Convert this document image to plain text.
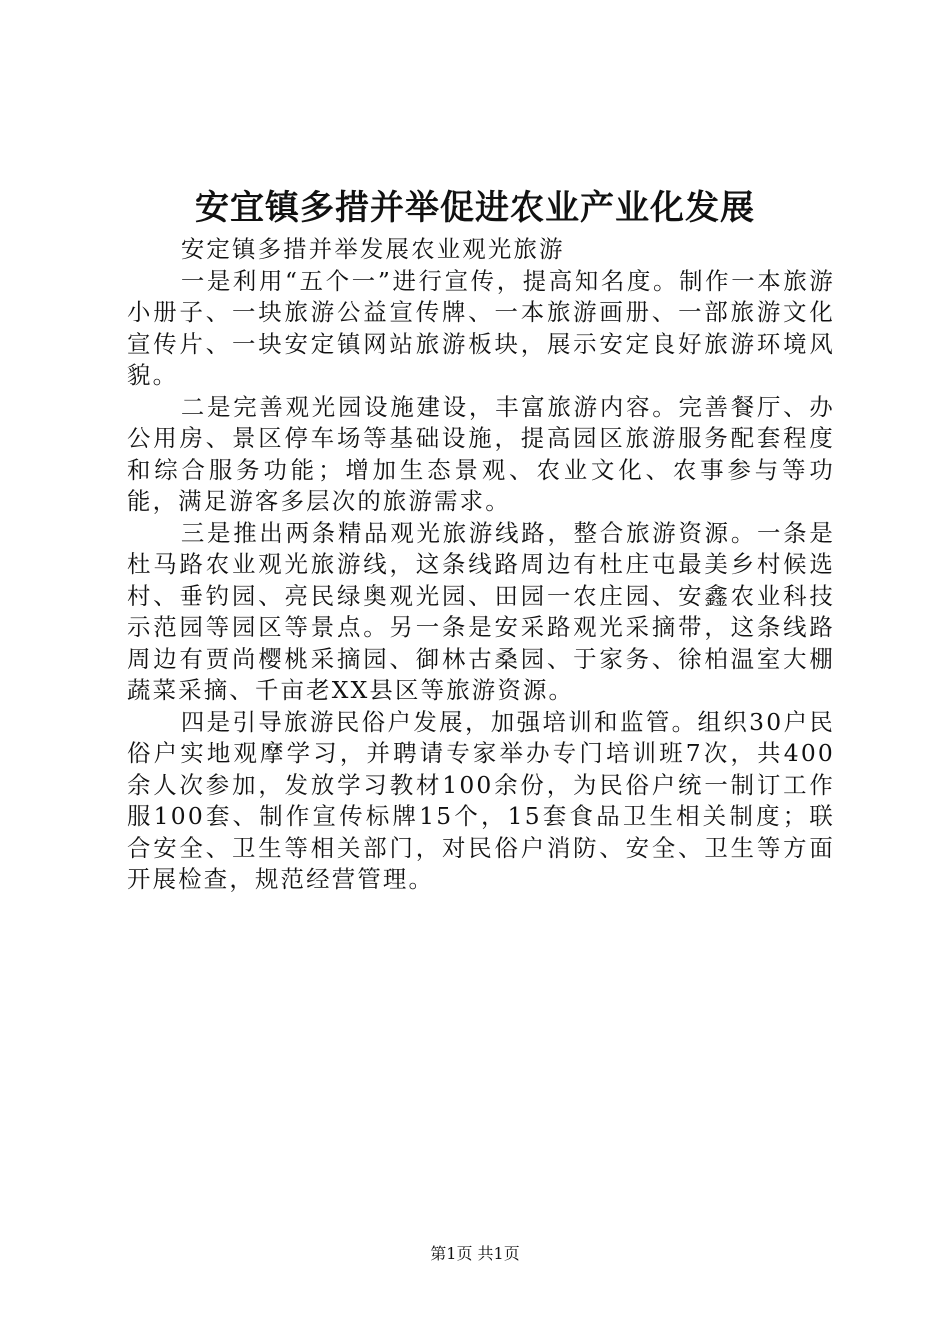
安宜镇多措并举促进农业产业化发展

安定镇多措并举发展农业观光旅游

一是利用“五个一”进行宣传，提高知名度。制作一本旅游小册子、一块旅游公益宣传牌、一本旅游画册、一部旅游文化宣传片、一块安定镇网站旅游板块，展示安定良好旅游环境风貌。

二是完善观光园设施建设，丰富旅游内容。完善餐厅、办公用房、景区停车场等基础设施，提高园区旅游服务配套程度和综合服务功能；增加生态景观、农业文化、农事参与等功能，满足游客多层次的旅游需求。

三是推出两条精品观光旅游线路，整合旅游资源。一条是杜马路农业观光旅游线，这条线路周边有杜庄屯最美乡村候选村、垂钓园、亮民绿奥观光园、田园一农庄园、安鑫农业科技示范园等园区等景点。另一条是安采路观光采摘带，这条线路周边有贾尚樱桃采摘园、御林古桑园、于家务、徐柏温室大棚蔬菜采摘、千亩老XX县区等旅游资源。

四是引导旅游民俗户发展，加强培训和监管。组织30户民俗户实地观摩学习，并聘请专家举办专门培训班7次，共400余人次参加，发放学习教材100余份，为民俗户统一制订工作服100套、制作宣传标牌15个，15套食品卫生相关制度；联合安全、卫生等相关部门，对民俗户消防、安全、卫生等方面开展检查，规范经营管理。

第1页 共1页
